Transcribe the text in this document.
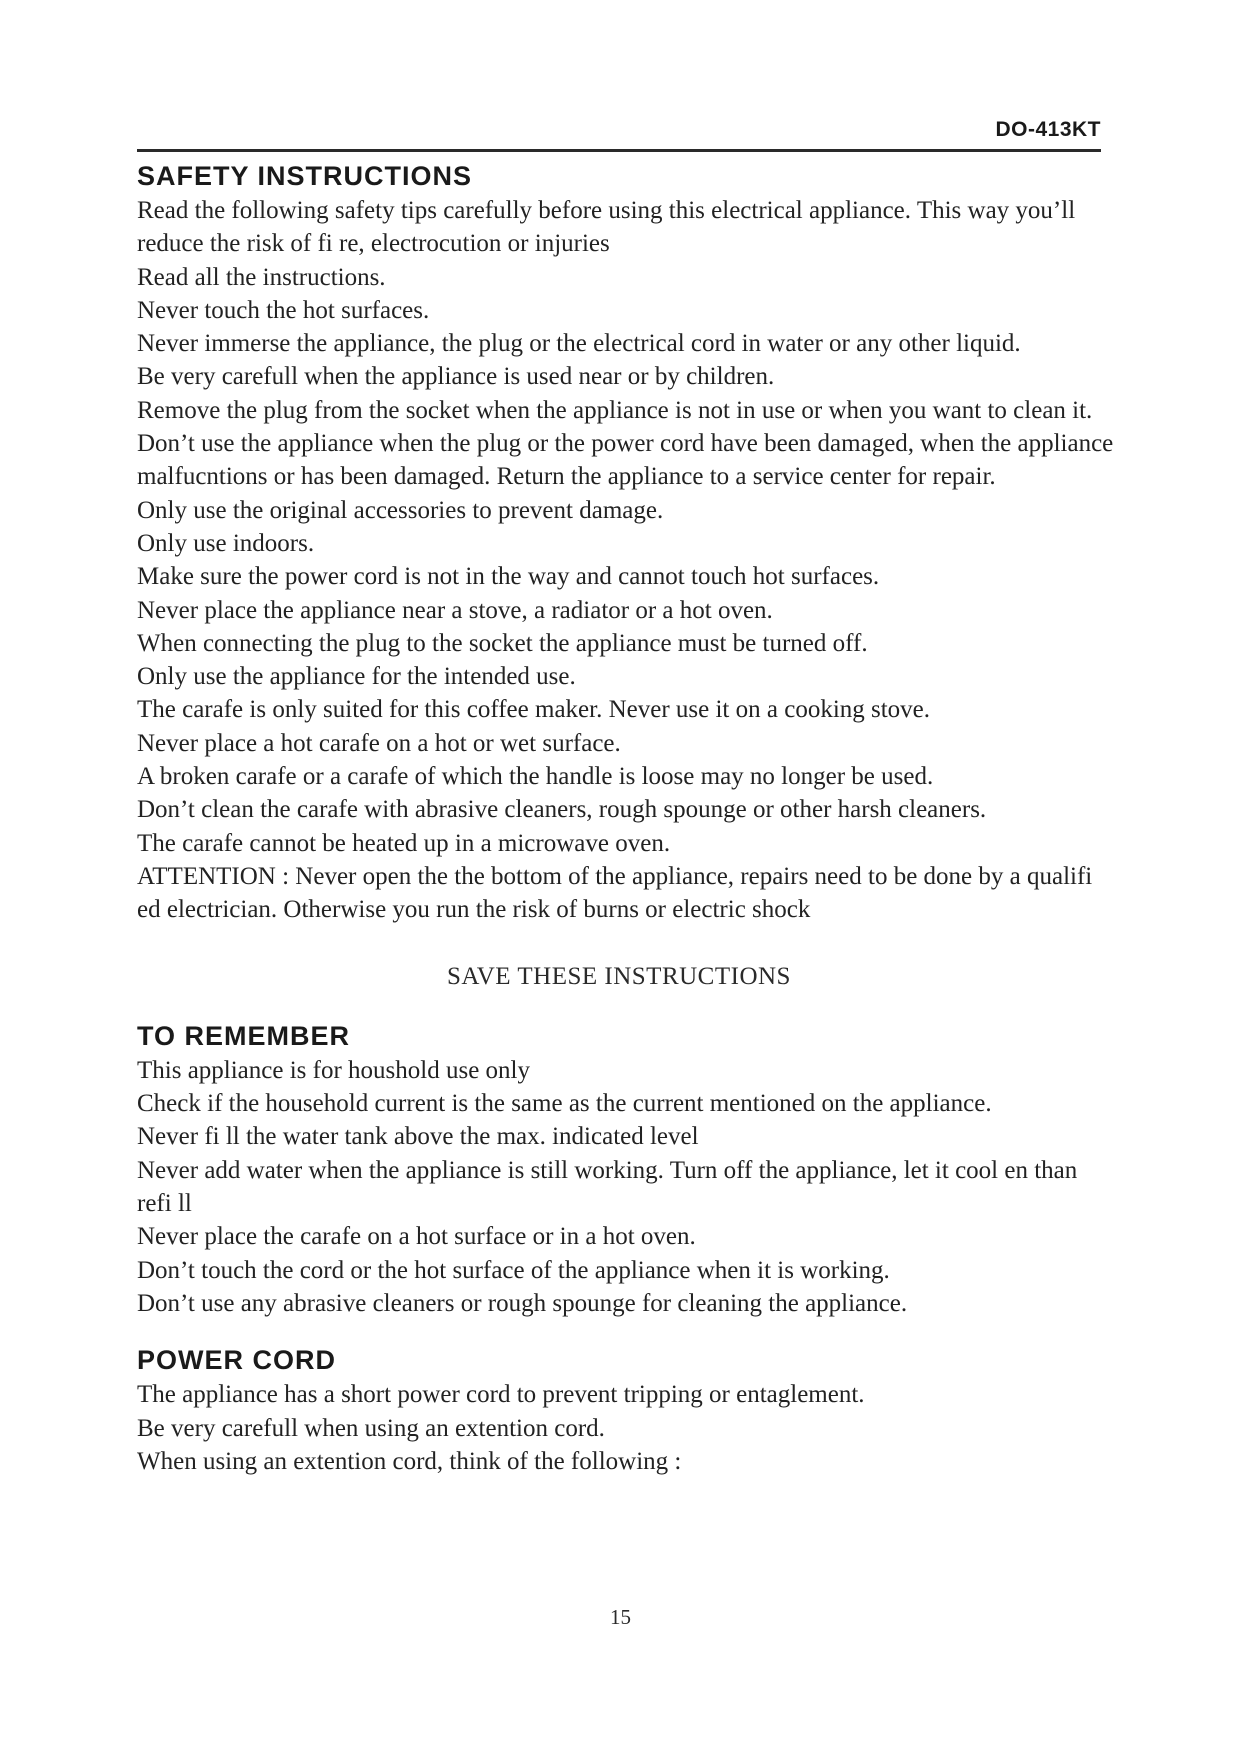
DO-413KT
SAFETY INSTRUCTIONS
Read the following safety tips carefully before using this electrical appliance. This way you’ll reduce the risk of fi re, electrocution or injuries
Read all the instructions.
Never touch the hot surfaces.
Never immerse the appliance, the plug or the electrical cord in water or any other liquid.
Be very carefull when the appliance is used near or by children.
Remove the plug from the socket when the appliance is not in use or when you want to clean it.
Don’t use the appliance when the plug or the power cord have been damaged, when the appliance malfucntions or has been damaged. Return the appliance to a service center for repair.
Only use the original accessories to prevent damage.
Only use indoors.
Make sure the power cord is not in the way and cannot touch hot surfaces.
Never place the appliance near a stove, a radiator or a hot oven.
When connecting the plug to the socket the appliance must be turned off.
Only use the appliance for the intended use.
The carafe is only suited for this coffee maker. Never use it on a cooking stove.
Never place a hot carafe on a hot or wet surface.
A broken carafe or a carafe of which the handle is loose may no longer be used.
Don’t clean the carafe with abrasive cleaners, rough spounge or other harsh cleaners.
The carafe cannot be heated up in a microwave oven.
ATTENTION : Never open the the bottom of the appliance, repairs need to be done by a qualifi ed electrician. Otherwise you run the risk of burns or electric shock
SAVE THESE INSTRUCTIONS
TO REMEMBER
This appliance is for houshold use only
Check if the household current is the same as the current mentioned on the appliance.
Never fi ll the water tank above the max. indicated level
Never add water when the appliance is still working. Turn off the appliance, let it cool en than refi ll
Never place the carafe on a hot surface or in a hot oven.
Don’t touch the cord or the hot surface of the appliance when it is working.
Don’t use any abrasive cleaners or rough spounge for cleaning the appliance.
POWER CORD
The appliance has a short power cord to prevent tripping or entaglement.
Be very carefull when using an extention cord.
When using an extention cord, think of the following :
15
